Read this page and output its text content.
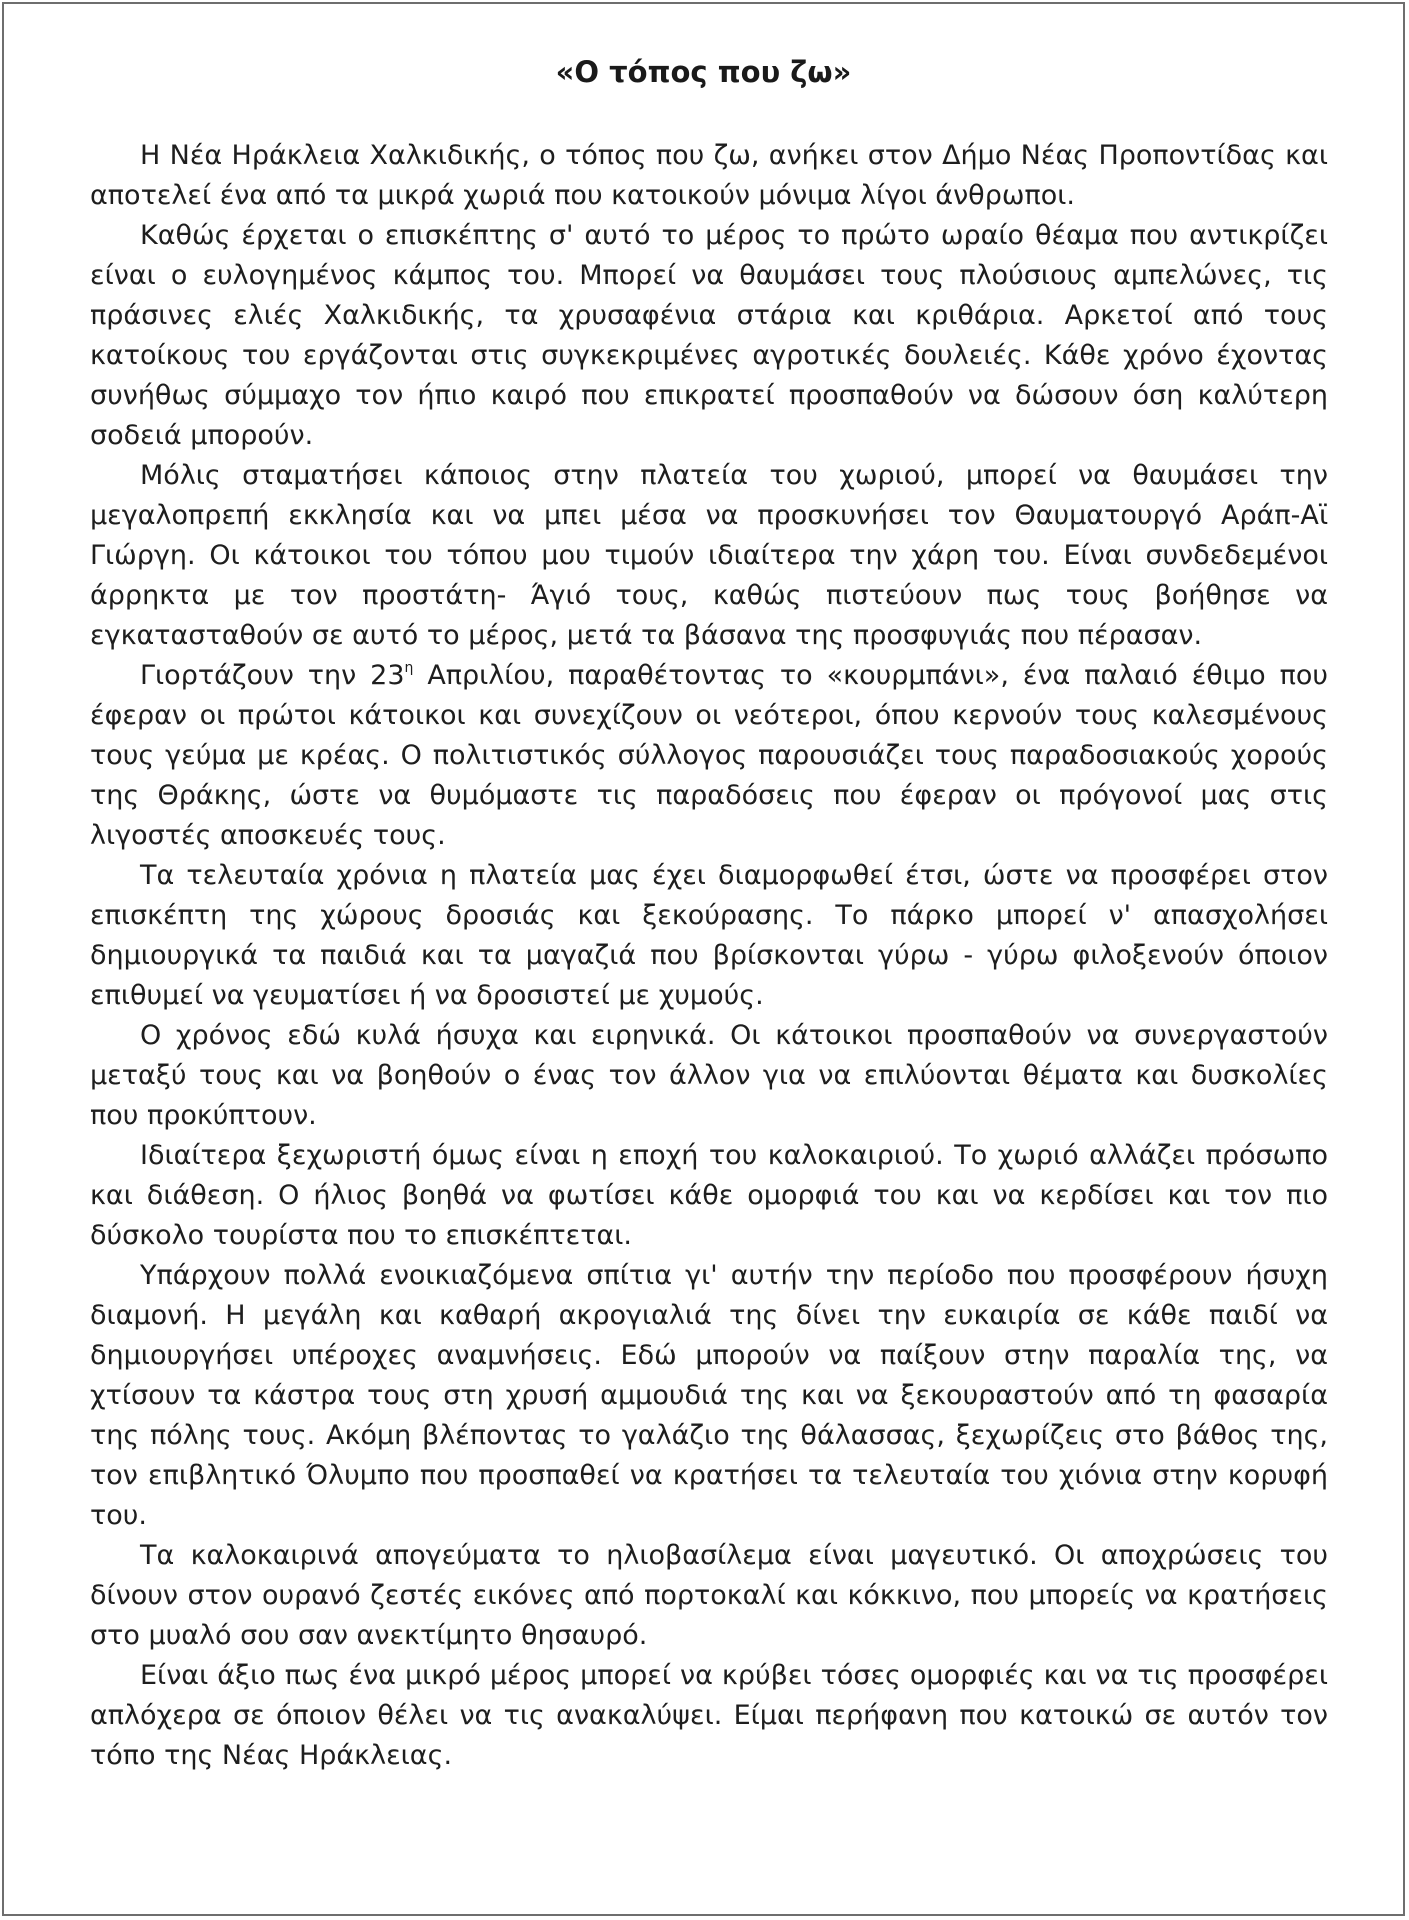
«Ο τόπος που ζω»

Η Νέα Ηράκλεια Χαλκιδικής, ο τόπος που ζω, ανήκει στον Δήμο Νέας Προποντίδας και αποτελεί ένα από τα μικρά χωριά που κατοικούν μόνιμα λίγοι άνθρωποι.

Καθώς έρχεται ο επισκέπτης σ' αυτό το μέρος το πρώτο ωραίο θέαμα που αντικρίζει είναι ο ευλογημένος κάμπος του. Μπορεί να θαυμάσει τους πλούσιους αμπελώνες, τις πράσινες ελιές Χαλκιδικής, τα χρυσαφένια στάρια και κριθάρια. Αρκετοί από τους κατοίκους του εργάζονται στις συγκεκριμένες αγροτικές δουλειές. Κάθε χρόνο έχοντας συνήθως σύμμαχο τον ήπιο καιρό που επικρατεί προσπαθούν να δώσουν όση καλύτερη σοδειά μπορούν.

Μόλις σταματήσει κάποιος στην πλατεία του χωριού, μπορεί να θαυμάσει την μεγαλοπρεπή εκκλησία και να μπει μέσα να προσκυνήσει τον Θαυματουργό Αράπ-Αϊ Γιώργη. Οι κάτοικοι του τόπου μου τιμούν ιδιαίτερα την χάρη του. Είναι συνδεδεμένοι άρρηκτα με τον προστάτη- Άγιό τους, καθώς πιστεύουν πως τους βοήθησε να εγκατασταθούν σε αυτό το μέρος, μετά τα βάσανα της προσφυγιάς που πέρασαν.

Γιορτάζουν την $23^\eta$ Απριλίου, παραθέτοντας το «κουρμπάνι», ένα παλαιό έθιμο που έφεραν οι πρώτοι κάτοικοι και συνεχίζουν οι νεότεροι, όπου κερνούν τους καλεσμένους τους γεύμα με κρέας. Ο πολιτιστικός σύλλογος παρουσιάζει τους παραδοσιακούς χορούς της Θράκης, ώστε να θυμόμαστε τις παραδόσεις που έφεραν οι πρόγονοί μας στις λιγοστές αποσκευές τους.

Τα τελευταία χρόνια η πλατεία μας έχει διαμορφωθεί έτσι, ώστε να προσφέρει στον επισκέπτη της χώρους δροσιάς και ξεκούρασης. Το πάρκο μπορεί ν' απασχολήσει δημιουργικά τα παιδιά και τα μαγαζιά που βρίσκονται γύρω - γύρω φιλοξενούν όποιον επιθυμεί να γευματίσει ή να δροσιστεί με χυμούς.

Ο χρόνος εδώ κυλά ήσυχα και ειρηνικά. Οι κάτοικοι προσπαθούν να συνεργαστούν μεταξύ τους και να βοηθούν ο ένας τον άλλον για να επιλύονται θέματα και δυσκολίες που προκύπτουν.

Ιδιαίτερα ξεχωριστή όμως είναι η εποχή του καλοκαιριού. Το χωριό αλλάζει πρόσωπο και διάθεση. Ο ήλιος βοηθά να φωτίσει κάθε ομορφιά του και να κερδίσει και τον πιο δύσκολο τουρίστα που το επισκέπτεται.

Υπάρχουν πολλά ενοικιαζόμενα σπίτια γι' αυτήν την περίοδο που προσφέρουν ήσυχη διαμονή. Η μεγάλη και καθαρή ακρογιαλιά της δίνει την ευκαιρία σε κάθε παιδί να δημιουργήσει υπέροχες αναμνήσεις. Εδώ μπορούν να παίξουν στην παραλία της, να χτίσουν τα κάστρα τους στη χρυσή αμμουδιά της και να ξεκουραστούν από τη φασαρία της πόλης τους. Ακόμη βλέποντας το γαλάζιο της θάλασσας, ξεχωρίζεις στο βάθος της, τον επιβλητικό Όλυμπο που προσπαθεί να κρατήσει τα τελευταία του χιόνια στην κορυφή του.

Τα καλοκαιρινά απογεύματα το ηλιοβασίλεμα είναι μαγευτικό. Οι αποχρώσεις του δίνουν στον ουρανό ζεστές εικόνες από πορτοκαλί και κόκκινο, που μπορείς να κρατήσεις στο μυαλό σου σαν ανεκτίμητο θησαυρό.

Είναι άξιο πως ένα μικρό μέρος μπορεί να κρύβει τόσες ομορφιές και να τις προσφέρει απλόχερα σε όποιον θέλει να τις ανακαλύψει. Είμαι περήφανη που κατοικώ σε αυτόν τον τόπο της Νέας Ηράκλειας.
